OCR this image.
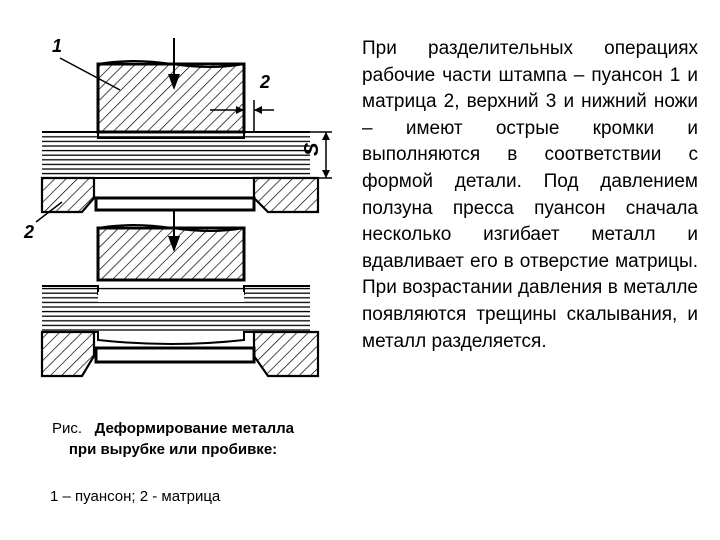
S
1
2
2
Рис. Деформирование металла при вырубке или пробивке:
1 – пуансон; 2 - матрица
При разделительных операциях рабочие части штампа – пуансон 1 и матрица 2, верхний 3 и нижний ножи – имеют острые кромки и выполняются в соответствии с формой детали. Под давлением ползуна пресса пуансон сначала несколько изгибает металл и вдавливает его в отверстие матрицы. При возрастании давления в металле появляются трещины скалывания, и металл разделяется.
